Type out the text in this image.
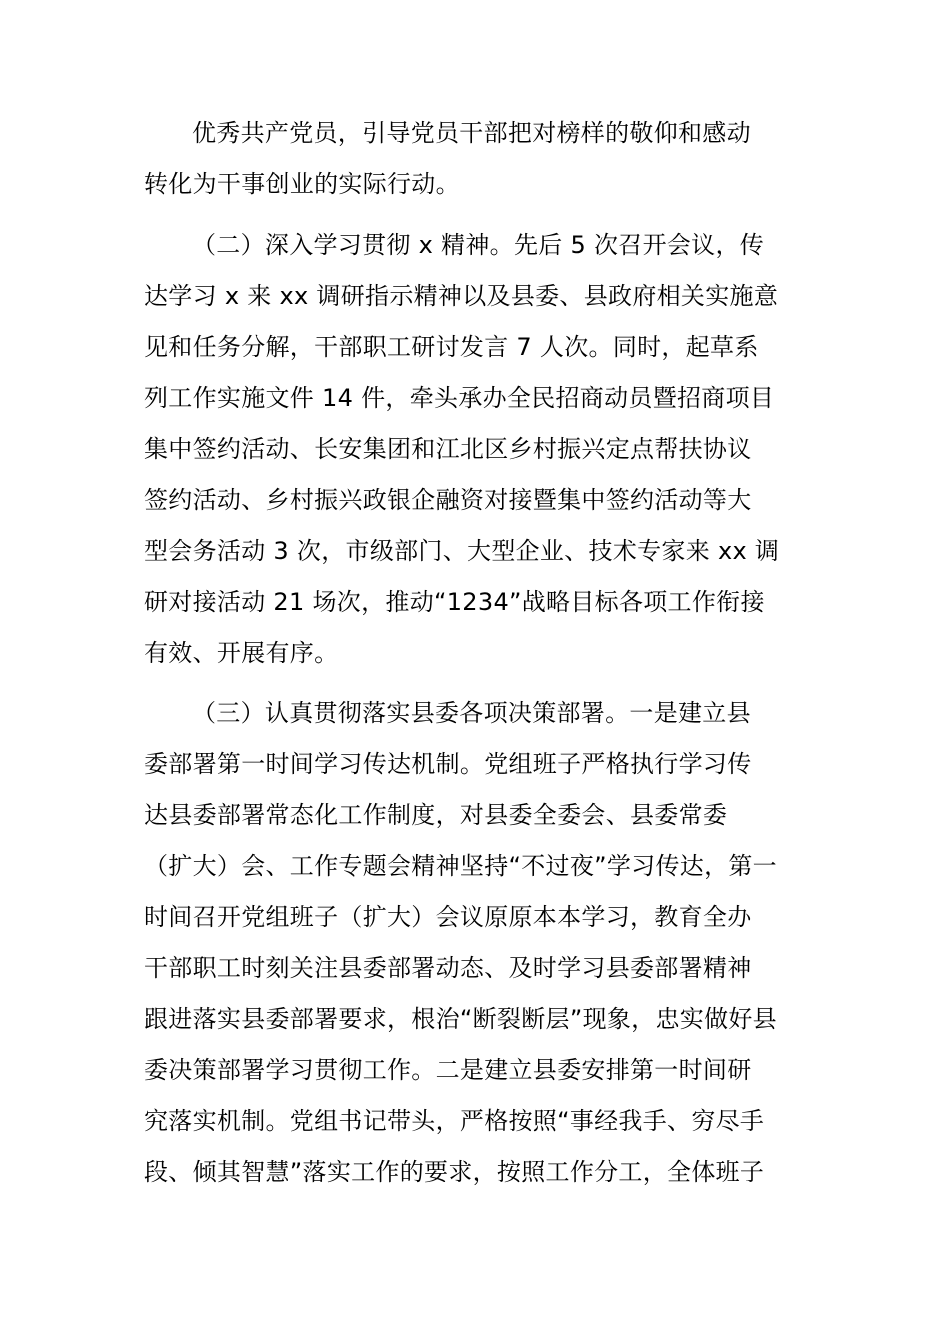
优秀共产党员，引导党员干部把对榜样的敬仰和感动
转化为干事创业的实际行动。
（二）深入学习贯彻 x 精神。先后 5 次召开会议，传
达学习 x 来 xx 调研指示精神以及县委、县政府相关实施意
见和任务分解，干部职工研讨发言 7 人次。同时，起草系
列工作实施文件 14 件，牵头承办全民招商动员暨招商项目
集中签约活动、长安集团和江北区乡村振兴定点帮扶协议
签约活动、乡村振兴政银企融资对接暨集中签约活动等大
型会务活动 3 次，市级部门、大型企业、技术专家来 xx 调
研对接活动 21 场次，推动“1234”战略目标各项工作衔接
有效、开展有序。
（三）认真贯彻落实县委各项决策部署。一是建立县
委部署第一时间学习传达机制。党组班子严格执行学习传
达县委部署常态化工作制度，对县委全委会、县委常委
（扩大）会、工作专题会精神坚持“不过夜”学习传达，第一
时间召开党组班子（扩大）会议原原本本学习，教育全办
干部职工时刻关注县委部署动态、及时学习县委部署精神
跟进落实县委部署要求，根治“断裂断层”现象，忠实做好县
委决策部署学习贯彻工作。二是建立县委安排第一时间研
究落实机制。党组书记带头，严格按照“事经我手、穷尽手
段、倾其智慧”落实工作的要求，按照工作分工，全体班子
